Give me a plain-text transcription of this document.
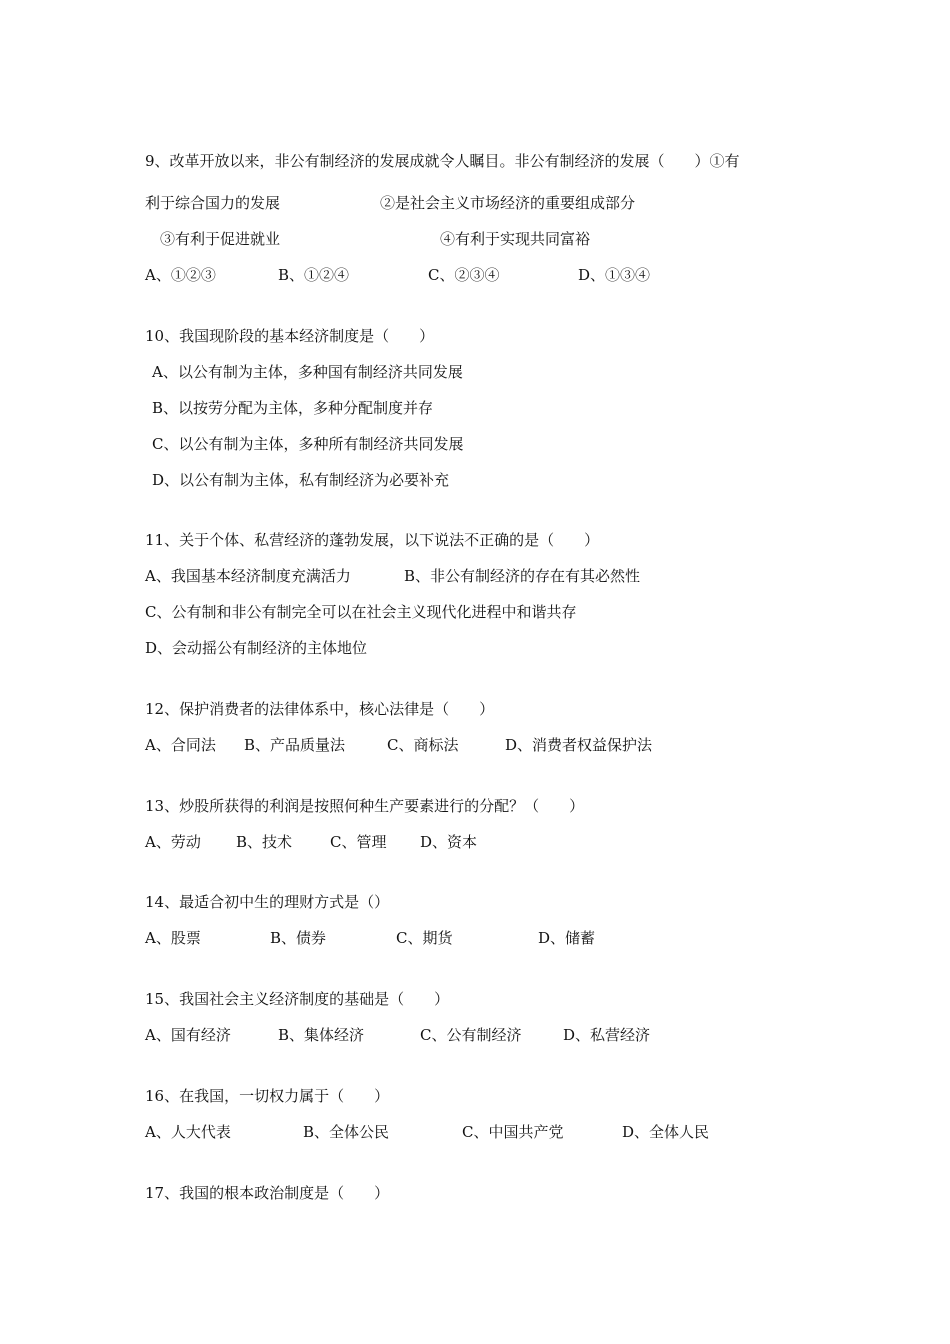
9、改革开放以来，非公有制经济的发展成就令人瞩目。非公有制经济的发展（　　）①有
利于综合国力的发展	②是社会主义市场经济的重要组成部分
③有利于促进就业	④有利于实现共同富裕
A、①②③	B、①②④	C、②③④	D、①③④
10、我国现阶段的基本经济制度是（　　）
A、以公有制为主体，多种国有制经济共同发展
B、以按劳分配为主体，多种分配制度并存
C、以公有制为主体，多种所有制经济共同发展
D、以公有制为主体，私有制经济为必要补充
11、关于个体、私营经济的蓬勃发展，以下说法不正确的是（　　）
A、我国基本经济制度充满活力	B、非公有制经济的存在有其必然性
C、公有制和非公有制完全可以在社会主义现代化进程中和谐共存
D、会动摇公有制经济的主体地位
12、保护消费者的法律体系中，核心法律是（　　）
A、合同法 B、产品质量法	C、商标法	D、消费者权益保护法
13、炒股所获得的利润是按照何种生产要素进行的分配？（　　）
A、劳动 B、技术	C、管理 D、资本
14、最适合初中生的理财方式是（）
A、股票	B、债券	C、期货	D、储蓄
15、我国社会主义经济制度的基础是（　　）
A、国有经济	B、集体经济	C、公有制经济	D、私营经济
16、在我国，一切权力属于（　　）
A、人大代表	B、全体公民	C、中国共产党	D、全体人民
17、我国的根本政治制度是（　　）
